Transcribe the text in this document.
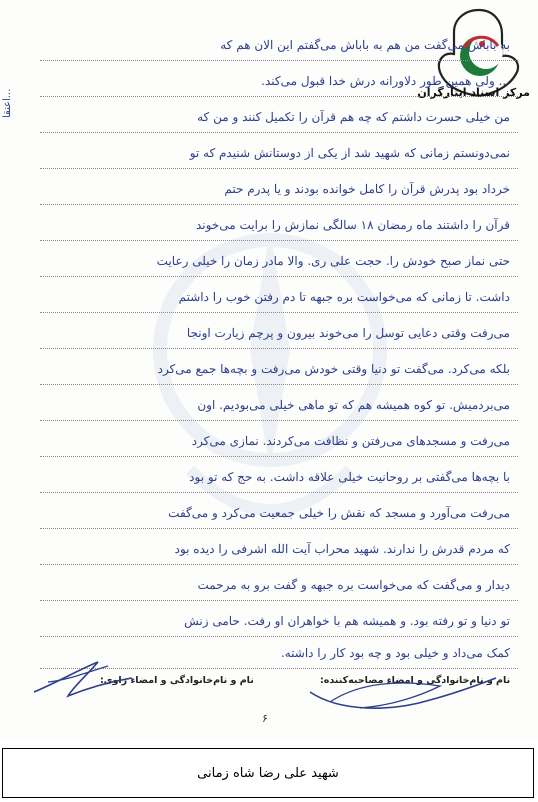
مرکز اسناد ایثارگران
اعتقا...
به باباش می‌گفت من هم به باباش می‌گفتم این الان هم که
... ولی همین طور دلاورانه درش خدا قبول می‌کند.
من خیلی حسرت داشتم که چه هم قرآن را تکمیل کنند و من که
نمی‌دونستم زمانی که شهید شد از یکی از دوستانش شنیدم که تو
خرداد بود پدرش قرآن را کامل خوانده بودند و یا پدرم حتم
قرآن را داشتند ماه رمضان ۱۸ سالگی نمازش را برایت می‌خوند
حتی نماز صبح خودش را. حجت علی ری. والا مادر زمان را خیلی رعایت
داشت. تا زمانی که می‌خواست بره جبهه تا دم رفتن خوب را داشتم
می‌رفت وقتی دعایی توسل را می‌خوند بیرون و پرچم زیارت اونجا
بلکه می‌کرد. می‌گفت تو دنیا وقتی خودش می‌رفت و بچه‌ها جمع می‌کرد
می‌بردمیش. تو کوه همیشه هم که تو ماهی خیلی می‌بودیم. اون
می‌رفت و مسجدهای می‌رفتن و نظافت می‌کردند. نمازی می‌کرد
با بچه‌ها می‌گفتی بر روحانیت خیلی علاقه داشت. به حج که تو بود
می‌رفت می‌آورد و مسجد که نقش را خیلی جمعیت می‌کرد و می‌گفت
که مردم قدرش را ندارند. شهید محراب آیت الله اشرفی را دیده بود
دیدار و می‌گفت که می‌خواست بره جبهه و گفت برو به مرحمت
تو دنیا و تو رفته بود. و همیشه هم با خواهران او رفت. حامی زنش
کمک می‌داد و خیلی بود و چه بود کار را داشته.
نام و نام‌خانوادگی و امضاء راوی:	نام و نام‌خانوادگی و امضاء مصاحبه‌کننده:
۶
شهید علی رضا شاه زمانی
